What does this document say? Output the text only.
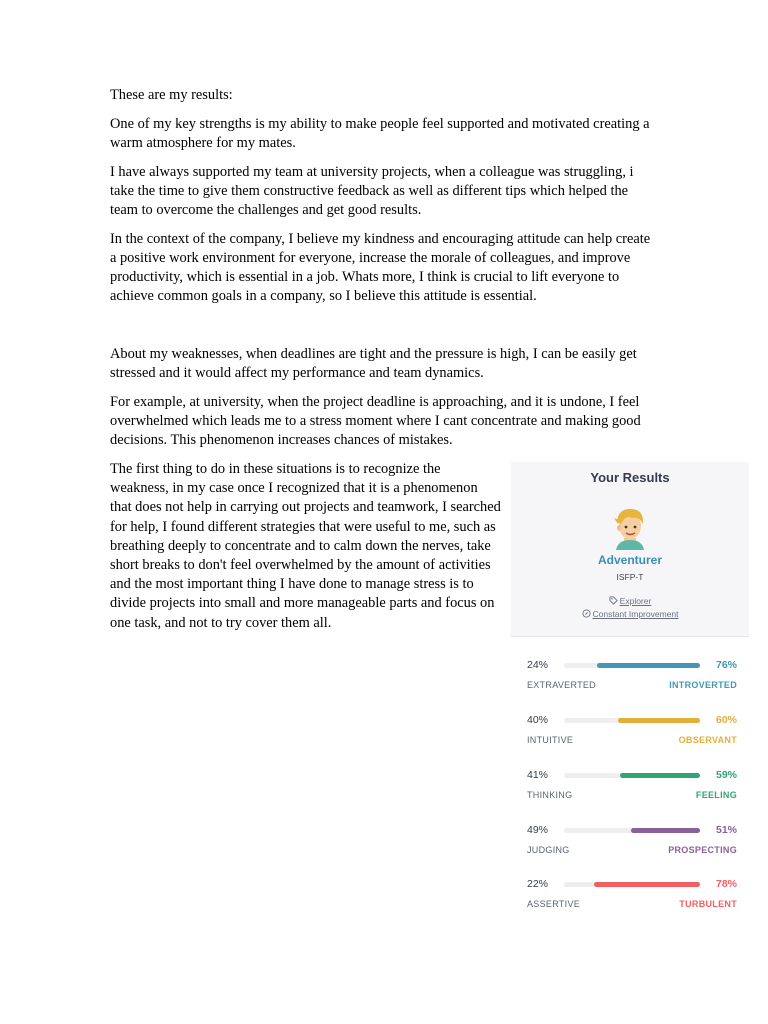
These are my results:

One of my key strengths is my ability to make people feel supported and motivated creating a warm atmosphere for my mates.

I have always supported my team at university projects, when a colleague was struggling, i take the time to give them constructive feedback as well as different tips which helped the team to overcome the challenges and get good results.

In the context of the company, I believe my kindness and encouraging attitude can help create a positive work environment for everyone, increase the morale of colleagues, and improve productivity, which is essential in a job. Whats more, I think is crucial to lift everyone to achieve common goals in a company, so I believe this attitude is essential.

About my weaknesses, when deadlines are tight and the pressure is high, I can be easily get stressed and it would affect my performance and team dynamics.

For example, at university, when the project deadline is approaching, and it is undone, I feel overwhelmed which leads me to a stress moment where I cant concentrate and making good decisions. This phenomenon increases chances of mistakes.

The first thing to do in these situations is to recognize the weakness, in my case once I recognized that it is a phenomenon that does not help in carrying out projects and teamwork, I searched for help, I found different strategies that were useful to me, such as breathing deeply to concentrate and to calm down the nerves, take short breaks to don't feel overwhelmed by the amount of activities and the most important thing I have done to manage stress is to divide projects into small and more manageable parts and focus on one task, and not to try cover them all.

Your Results
Adventurer
ISFP-T
Explorer
Constant Improvement
24%	76%
EXTRAVERTED	INTROVERTED
40%	60%
INTUITIVE	OBSERVANT
41%	59%
THINKING	FEELING
49%	51%
JUDGING	PROSPECTING
22%	78%
ASSERTIVE	TURBULENT
